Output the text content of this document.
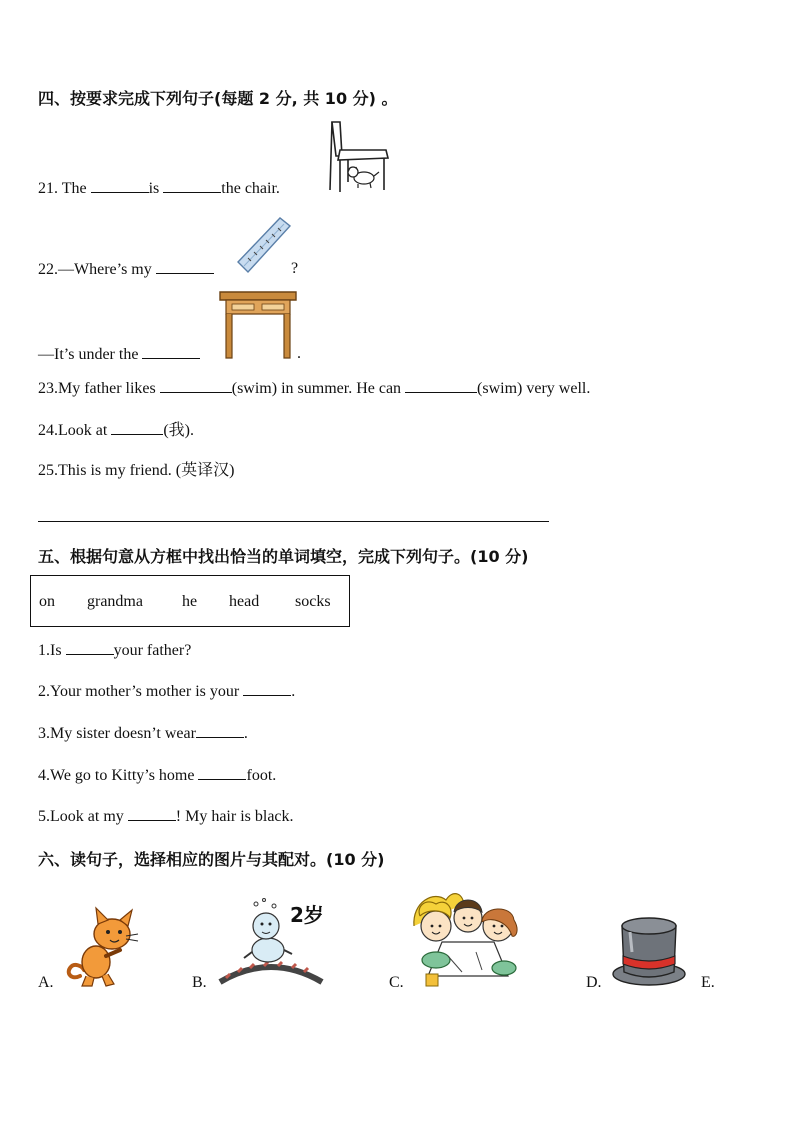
四、按要求完成下列句子(每题 2 分, 共 10 分) 。
21. The	is	the chair.
22.—Where’s my	?
—It’s under the	.
23.My father likes	(swim) in summer. He can	(swim) very well.
24.Look at	(我).
25.This is my friend. (英译汉)
五、根据句意从方框中找出恰当的单词填空，完成下列句子。(10 分)
on grandma he head socks
1.Is	your father?
2.Your mother’s mother is your	.
3.My sister doesn’t wear	.
4.We go to Kitty’s home	foot.
5.Look at my	! My hair is black.
六、读句子，选择相应的图片与其配对。(10 分)
A.	B.
2岁
C.	D.	E.
